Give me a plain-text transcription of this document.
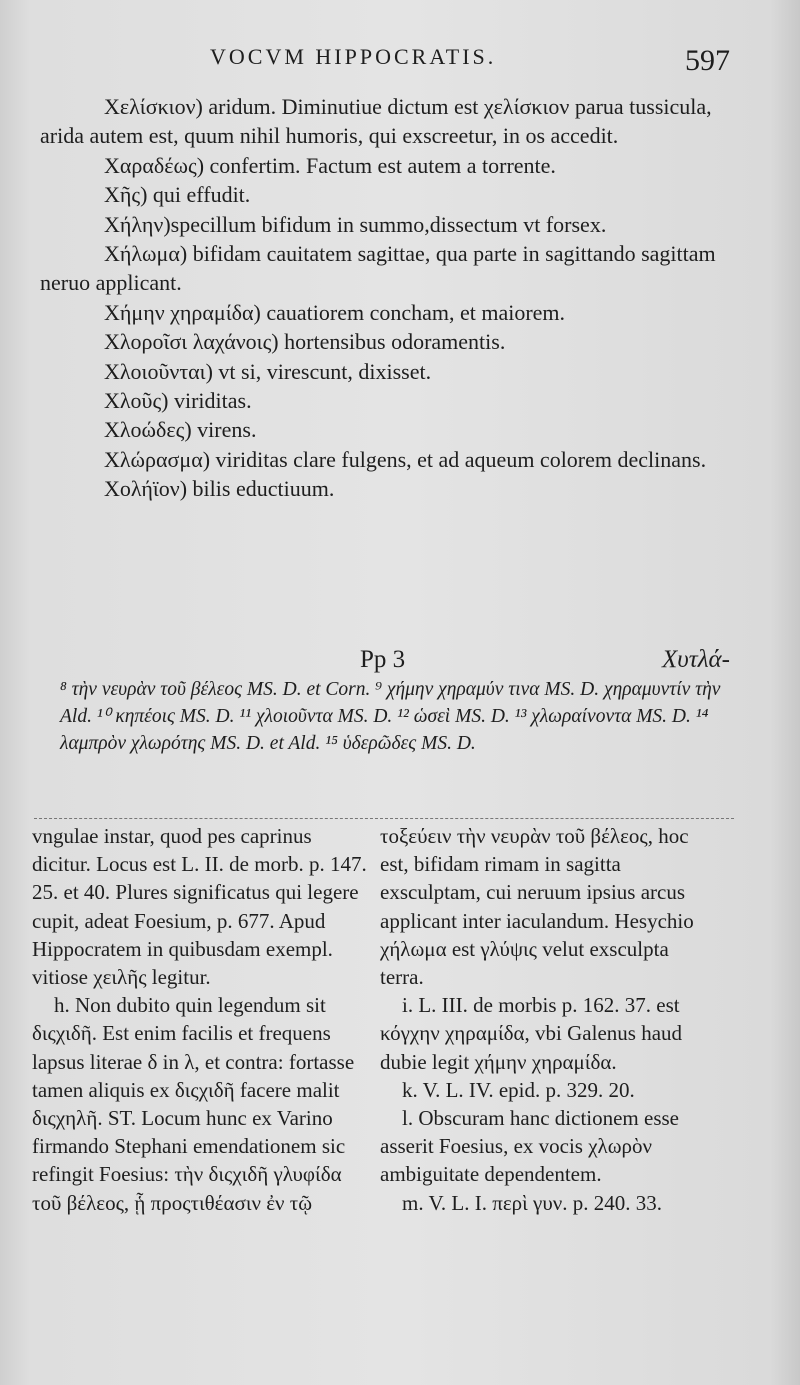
VOCVM HIPPOCRATIS.	597

Χελίσκιον) aridum. Diminutiue dictum est χελίσκιον parua tussicula, arida autem est, quum nihil humoris, qui exscreetur, in os accedit.

Χαραδέως) confertim. Factum est autem a torrente.

Χῆς) qui effudit.

Χήλην)specillum bifidum in summo,dissectum vt forsex.

Χήλωμα) bifidam cauitatem sagittae, qua parte in sagittando sagittam neruo applicant.

Χήμην χηραμίδα) cauatiorem concham, et maiorem.

Χλοροῖσι λαχάνοις) hortensibus odoramentis.

Χλοιοῦνται) vt si, virescunt, dixisset.

Χλοῦς) viriditas.

Χλοώδες) virens.

Χλώρασμα) viriditas clare fulgens, et ad aqueum colorem declinans.

Χολήϊον) bilis eductiuum.

Pp 3	Χυτλά-

⁸ τὴν νευρὰν τοῦ βέλεος MS. D. et Corn. ⁹ χήμην χηραμύν τινα MS. D. χηραμυντίν τὴν Ald. ¹⁰ κηπέοις MS. D. ¹¹ χλοιοῦντα MS. D. ¹² ὡσεὶ MS. D. ¹³ χλωραίνοντα MS. D. ¹⁴ λαμπρὸν χλωρότης MS. D. et Ald. ¹⁵ ὑδερῶδες MS. D.

vngulae instar, quod pes caprinus dicitur. Locus est L. II. de morb. p. 147. 25. et 40. Plures significatus qui legere cupit, adeat Foesium, p. 677. Apud Hippocratem in quibusdam exempl. vitiose χειλῆς legitur.

h. Non dubito quin legendum sit διςχιδῆ. Est enim facilis et frequens lapsus literae δ in λ, et contra: fortasse tamen aliquis ex διςχιδῆ facere malit διςχηλῆ. ST. Locum hunc ex Varino firmando Stephani emendationem sic refingit Foesius: τὴν διςχιδῆ γλυφίδα τοῦ βέλεος, ᾗ προςτιθέασιν ἐν τῷ

τοξεύειν τὴν νευρὰν τοῦ βέλεος, hoc est, bifidam rimam in sagitta exsculptam, cui neruum ipsius arcus applicant inter iaculandum. Hesychio χήλωμα est γλύψις velut exsculpta terra.

i. L. III. de morbis p. 162. 37. est κόγχην χηραμίδα, vbi Galenus haud dubie legit χήμην χηραμίδα.

k. V. L. IV. epid. p. 329. 20.

l. Obscuram hanc dictionem esse asserit Foesius, ex vocis χλωρὸν ambiguitate dependentem.

m. V. L. I. περὶ γυν. p. 240. 33.
